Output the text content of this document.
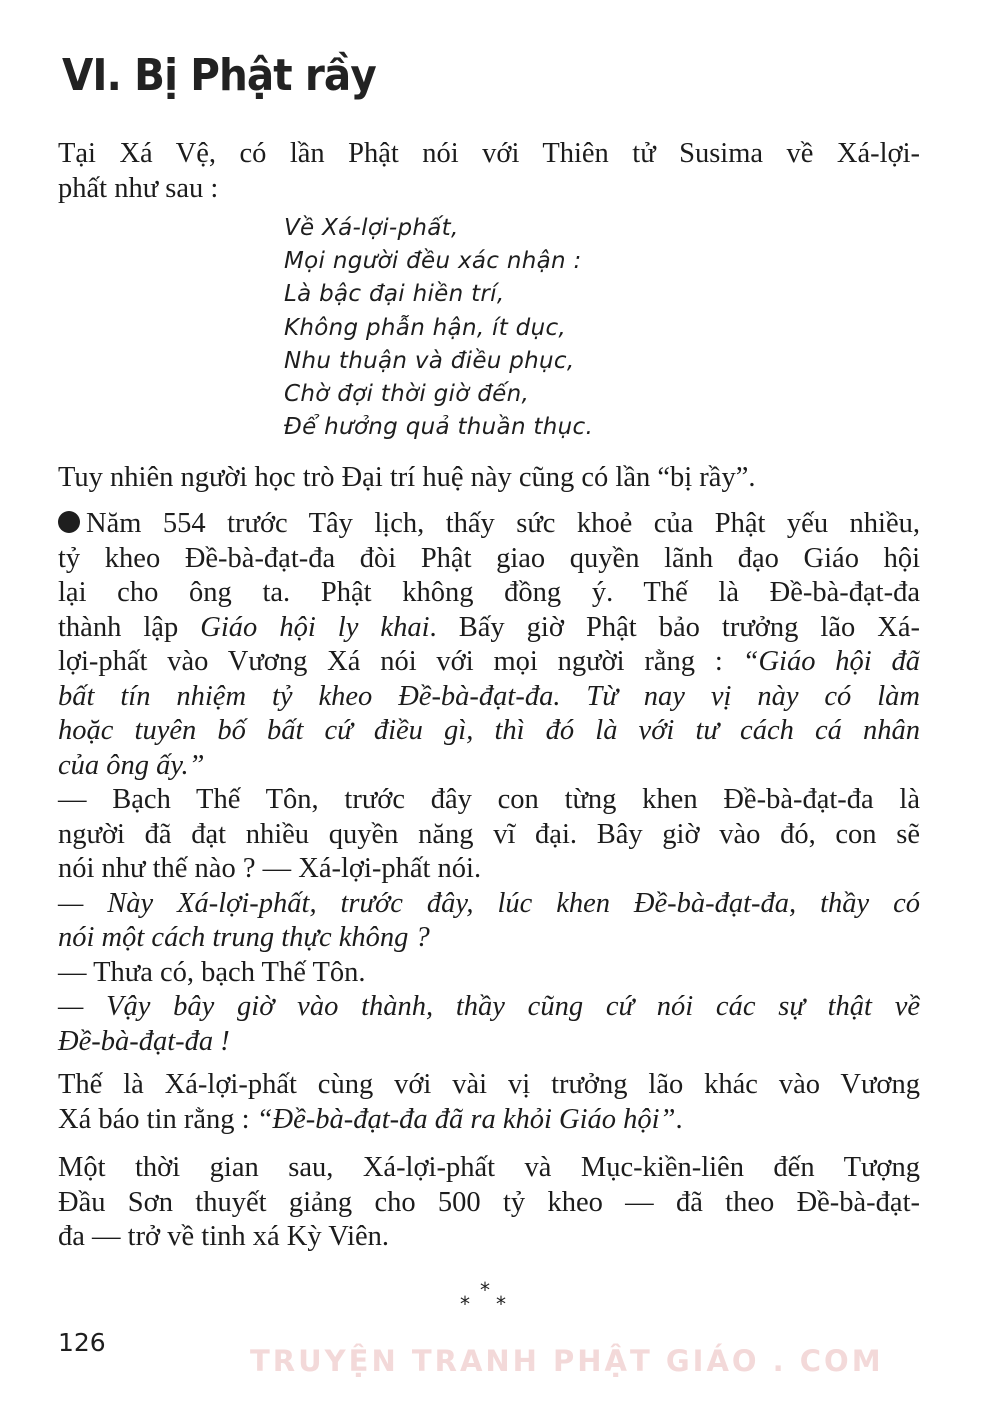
VI. Bị Phật rầy

Tại Xá Vệ, có lần Phật nói với Thiên tử Susima về Xá-lợi-
phất như sau :

Về Xá-lợi-phất,
Mọi người đều xác nhận :
Là bậc đại hiền trí,
Không phẫn hận, ít dục,
Nhu thuận và điều phục,
Chờ đợi thời giờ đến,
Để hưởng quả thuần thục.

Tuy nhiên người học trò Đại trí huệ này cũng có lần “bị rầy”.

Năm 554 trước Tây lịch, thấy sức khoẻ của Phật yếu nhiều,
tỷ kheo Đề-bà-đạt-đa đòi Phật giao quyền lãnh đạo Giáo hội
lại cho ông ta. Phật không đồng ý. Thế là Đề-bà-đạt-đa
thành lập Giáo hội ly khai. Bấy giờ Phật bảo trưởng lão Xá-
lợi-phất vào Vương Xá nói với mọi người rằng : “Giáo hội đã
bất tín nhiệm tỷ kheo Đề-bà-đạt-đa. Từ nay vị này có làm
hoặc tuyên bố bất cứ điều gì, thì đó là với tư cách cá nhân
của ông ấy.”
— Bạch Thế Tôn, trước đây con từng khen Đề-bà-đạt-đa là
người đã đạt nhiều quyền năng vĩ đại. Bây giờ vào đó, con sẽ
nói như thế nào ? — Xá-lợi-phất nói.
— Này Xá-lợi-phất, trước đây, lúc khen Đề-bà-đạt-đa, thầy có
nói một cách trung thực không ?
— Thưa có, bạch Thế Tôn.
— Vậy bây giờ vào thành, thầy cũng cứ nói các sự thật về
Đề-bà-đạt-đa !

Thế là Xá-lợi-phất cùng với vài vị trưởng lão khác vào Vương
Xá báo tin rằng : “Đề-bà-đạt-đa đã ra khỏi Giáo hội”.

Một thời gian sau, Xá-lợi-phất và Mục-kiền-liên đến Tượng
Đầu Sơn thuyết giảng cho 500 tỷ kheo — đã theo Đề-bà-đạt-
đa — trở về tinh xá Kỳ Viên.

*
* *
126
TRUYỆN TRANH PHẬT GIÁO . COM
